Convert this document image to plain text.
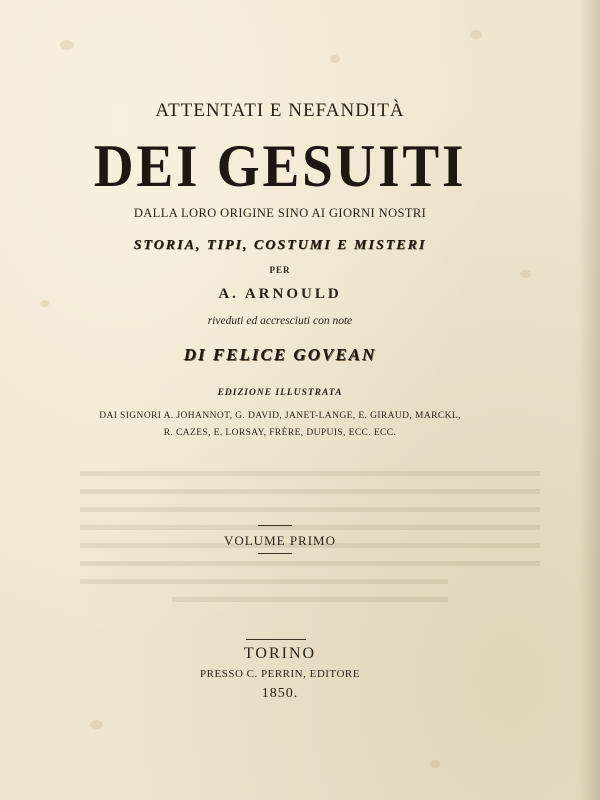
ATTENTATI E NEFANDITÀ
DEI GESUITI
DALLA LORO ORIGINE SINO AI GIORNI NOSTRI
STORIA, TIPI, COSTUMI E MISTERI
PER
A. ARNOULD
riveduti ed accresciuti con note
DI FELICE GOVEAN
EDIZIONE ILLUSTRATA
DAI SIGNORI A. JOHANNOT, G. DAVID, JANET-LANGE, E. GIRAUD, MARCKL,
R. CAZES, E. LORSAY, FRÈRE, DUPUIS, ECC. ECC.
VOLUME PRIMO
TORINO
PRESSO C. PERRIN, EDITORE
1850.
